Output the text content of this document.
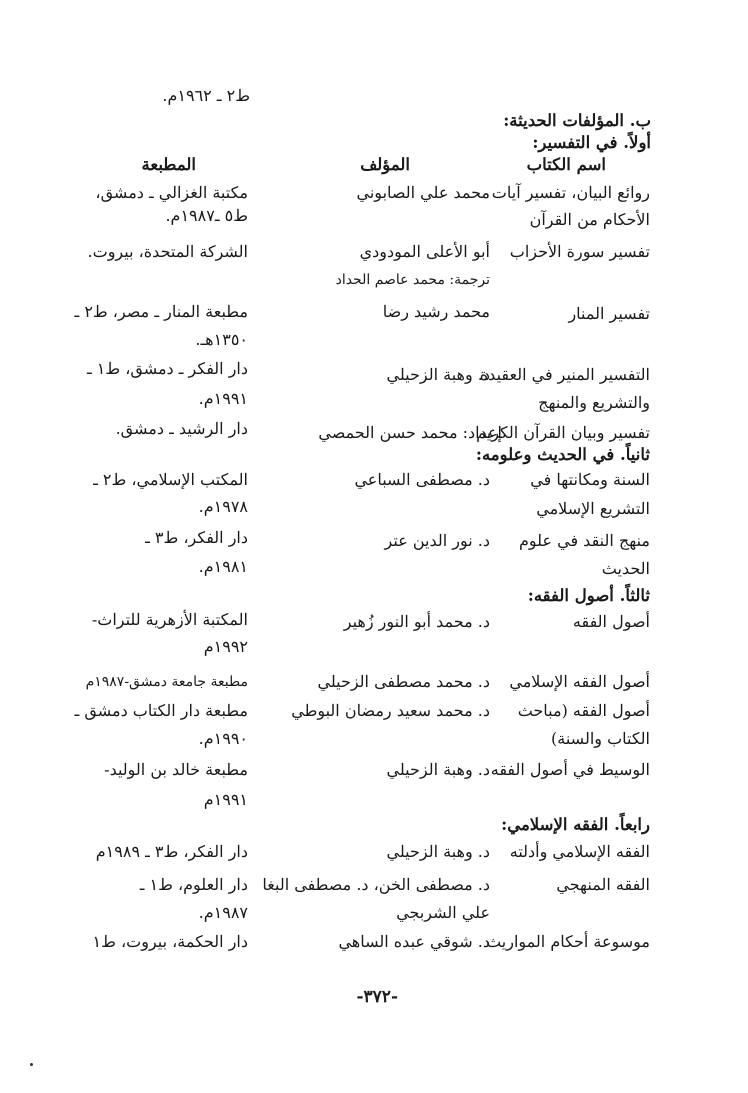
ط٢ ـ ١٩٦٢م.
ب. المؤلفات الحديثة:
أولاً. في التفسير:
اسم الكتاب
المؤلف
المطبعة
روائع البيان، تفسير آيات
محمد علي الصابوني
مكتبة الغزالي ـ دمشق،
الأحكام من القرآن
ط٥ ـ١٩٨٧م.
تفسير سورة الأحزاب
أبو الأعلى المودودي
الشركة المتحدة، بيروت.
ترجمة: محمد عاصم الحداد
تفسير المنار
محمد رشيد رضا
مطبعة المنار ـ مصر، ط٢ ـ
١٣٥٠هـ.
التفسير المنير في العقيدة
د. وهبة الزحيلي
دار الفكر ـ دمشق، ط١ ـ
والتشريع والمنهج
١٩٩١م.
تفسير وبيان القرآن الكريم
إعداد: محمد حسن الحمصي
دار الرشيد ـ دمشق.
ثانياً. في الحديث وعلومه:
السنة ومكانتها في
د. مصطفى السباعي
المكتب الإسلامي، ط٢ ـ
التشريع الإسلامي
١٩٧٨م.
منهج النقد في علوم
د. نور الدين عتر
دار الفكر، ط٣ ـ
الحديث
١٩٨١م.
ثالثاً. أصول الفقه:
أصول الفقه
د. محمد أبو النور زُهير
المكتبة الأزهرية للتراث-
١٩٩٢م
أصول الفقه الإسلامي
د. محمد مصطفى الزحيلي
مطبعة جامعة دمشق-١٩٨٧م
أصول الفقه (مباحث
د. محمد سعيد رمضان البوطي
مطبعة دار الكتاب دمشق ـ
الكتاب والسنة)
١٩٩٠م.
الوسيط في أصول الفقه
د. وهبة الزحيلي
مطبعة خالد بن الوليد-
١٩٩١م
رابعاً. الفقه الإسلامي:
الفقه الإسلامي وأدلته
د. وهبة الزحيلي
دار الفكر، ط٣ ـ ١٩٨٩م
الفقه المنهجي
د. مصطفى الخن، د. مصطفى البغا
دار العلوم، ط١ ـ
علي الشربجي
١٩٨٧م.
موسوعة أحكام المواريث
د. شوقي عبده الساهي
دار الحكمة، بيروت، ط١
-٣٧٢-
